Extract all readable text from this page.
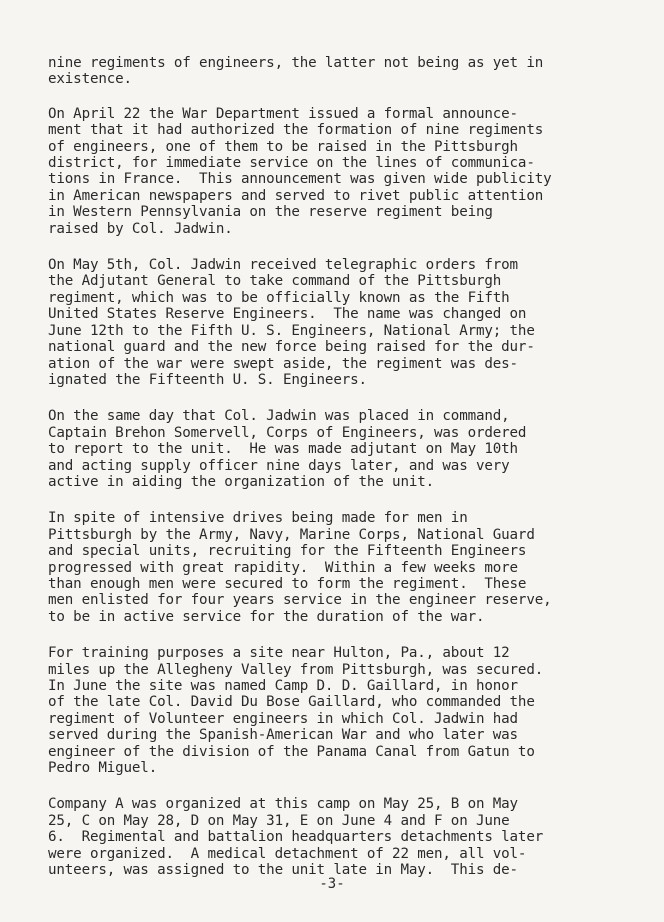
nine regiments of engineers, the latter not being as yet in
existence.

On April 22 the War Department issued a formal announce-
ment that it had authorized the formation of nine regiments
of engineers, one of them to be raised in the Pittsburgh
district, for immediate service on the lines of communica-
tions in France.  This announcement was given wide publicity
in American newspapers and served to rivet public attention
in Western Pennsylvania on the reserve regiment being
raised by Col. Jadwin.

On May 5th, Col. Jadwin received telegraphic orders from
the Adjutant General to take command of the Pittsburgh
regiment, which was to be officially known as the Fifth
United States Reserve Engineers.  The name was changed on
June 12th to the Fifth U. S. Engineers, National Army; the
national guard and the new force being raised for the dur-
ation of the war were swept aside, the regiment was des-
ignated the Fifteenth U. S. Engineers.

On the same day that Col. Jadwin was placed in command,
Captain Brehon Somervell, Corps of Engineers, was ordered
to report to the unit.  He was made adjutant on May 10th
and acting supply officer nine days later, and was very
active in aiding the organization of the unit.

In spite of intensive drives being made for men in
Pittsburgh by the Army, Navy, Marine Corps, National Guard
and special units, recruiting for the Fifteenth Engineers
progressed with great rapidity.  Within a few weeks more
than enough men were secured to form the regiment.  These
men enlisted for four years service in the engineer reserve,
to be in active service for the duration of the war.

For training purposes a site near Hulton, Pa., about 12
miles up the Allegheny Valley from Pittsburgh, was secured.
In June the site was named Camp D. D. Gaillard, in honor
of the late Col. David Du Bose Gaillard, who commanded the
regiment of Volunteer engineers in which Col. Jadwin had
served during the Spanish-American War and who later was
engineer of the division of the Panama Canal from Gatun to
Pedro Miguel.

Company A was organized at this camp on May 25, B on May
25, C on May 28, D on May 31, E on June 4 and F on June
6.  Regimental and battalion headquarters detachments later
were organized.  A medical detachment of 22 men, all vol-
unteers, was assigned to the unit late in May.  This de-

-3-
